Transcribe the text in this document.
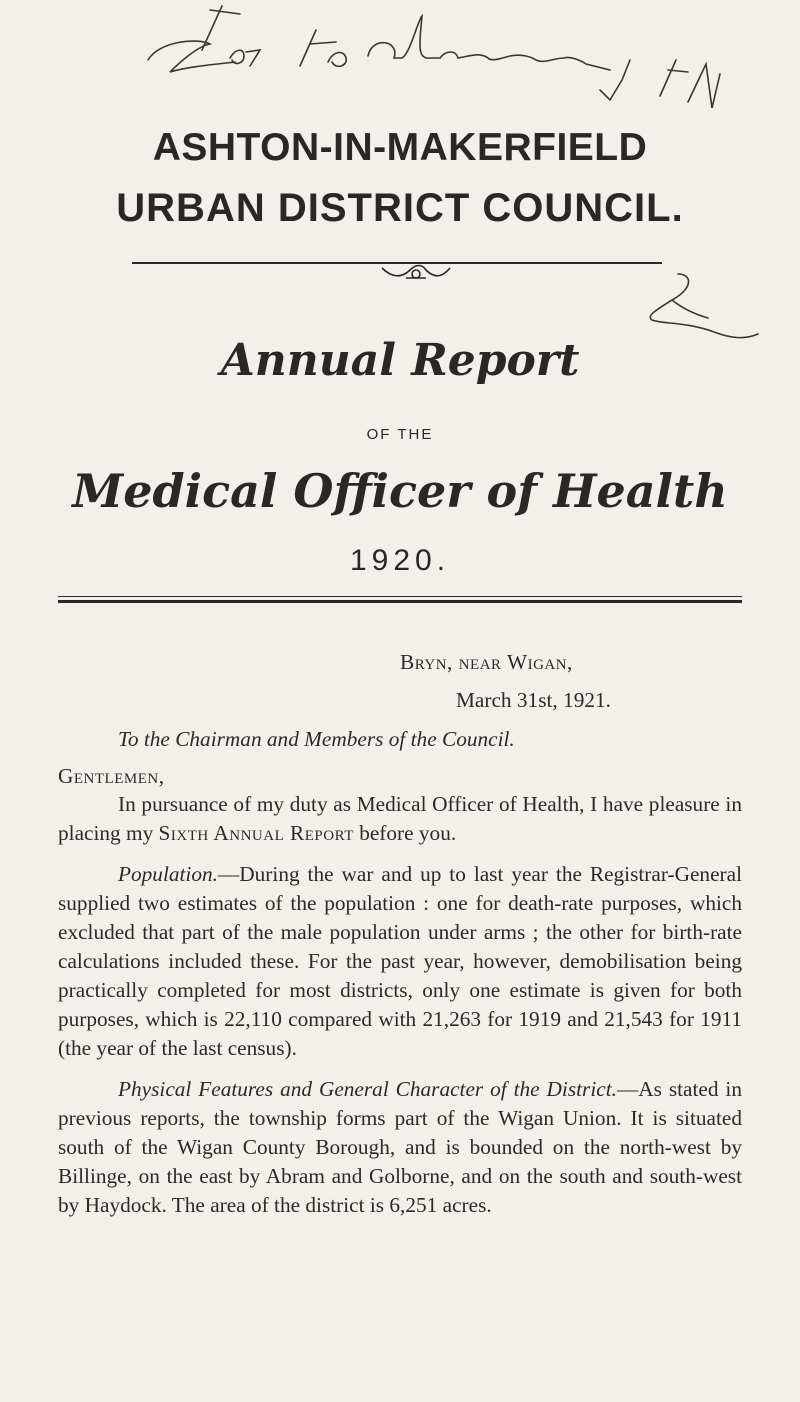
ASHTON-IN-MAKERFIELD
URBAN DISTRICT COUNCIL.
Annual Report
OF THE
Medical Officer of Health
1920.
Bryn, near Wigan,
March 31st, 1921.
To the Chairman and Members of the Council.
Gentlemen,

In pursuance of my duty as Medical Officer of Health, I have pleasure in placing my Sixth Annual Report before you.

Population.—During the war and up to last year the Registrar-General supplied two estimates of the population : one for death-rate purposes, which excluded that part of the male population under arms ; the other for birth-rate calculations included these. For the past year, however, demobilisation being practically completed for most districts, only one estimate is given for both purposes, which is 22,110 compared with 21,263 for 1919 and 21,543 for 1911 (the year of the last census).

Physical Features and General Character of the District.—As stated in previous reports, the township forms part of the Wigan Union. It is situated south of the Wigan County Borough, and is bounded on the north-west by Billinge, on the east by Abram and Golborne, and on the south and south-west by Haydock. The area of the district is 6,251 acres.
